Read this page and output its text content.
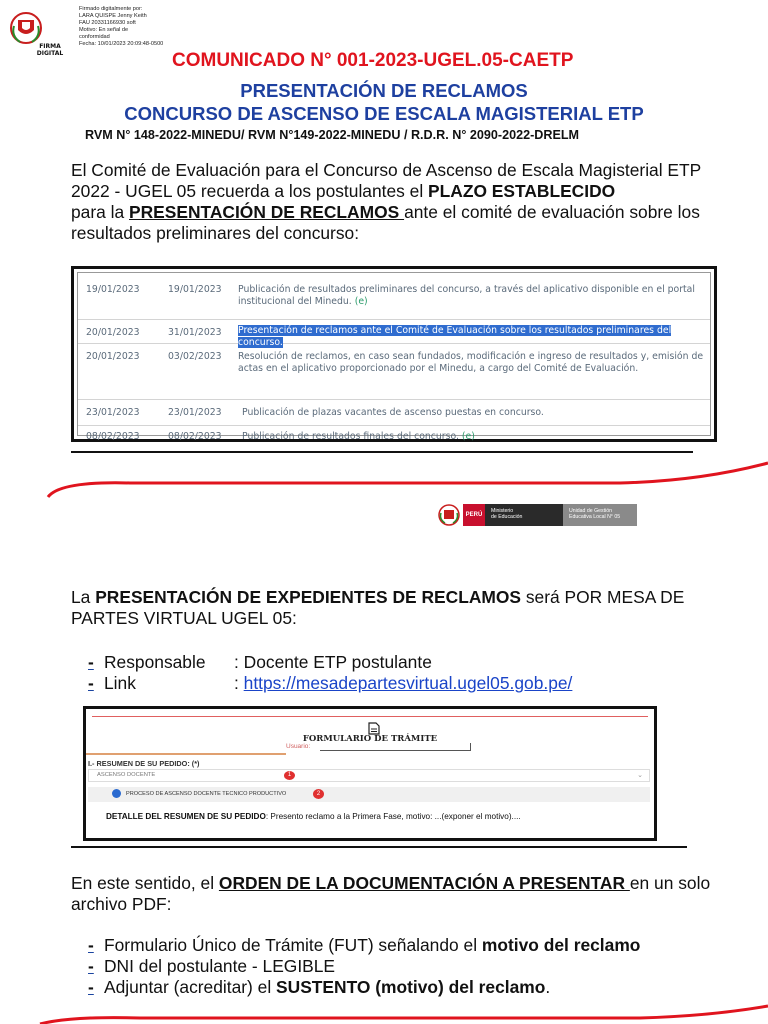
FIRMA
DIGITAL
Firmado digitalmente por:
LARA QUISPE Jenny Keith
FAU 20331166930 soft
Motivo: En señal de
conformidad
Fecha: 10/01/2023 20:09:48-0500
COMUNICADO N° 001-2023-UGEL.05-CAETP
PRESENTACIÓN DE RECLAMOS
CONCURSO DE ASCENSO DE ESCALA MAGISTERIAL ETP
RVM N° 148-2022-MINEDU/ RVM N°149-2022-MINEDU / R.D.R. N° 2090-2022-DRELM
El Comité de Evaluación para el Concurso de Ascenso de Escala Magisterial ETP 2022 - UGEL 05 recuerda a los postulantes el PLAZO ESTABLECIDO
para la PRESENTACIÓN DE RECLAMOS ante el comité de evaluación sobre los resultados preliminares del concurso:
19/01/2023	19/01/2023 Publicación de resultados preliminares del concurso, a través del aplicativo disponible en el portal institucional del Minedu. (e)
20/01/2023	31/01/2023 Presentación de reclamos ante el Comité de Evaluación sobre los resultados preliminares del concurso.
20/01/2023	03/02/2023 Resolución de reclamos, en caso sean fundados, modificación e ingreso de resultados y, emisión de actas en el aplicativo proporcionado por el Minedu, a cargo del Comité de Evaluación.
23/01/2023	23/01/2023 Publicación de plazas vacantes de ascenso puestas en concurso.
08/02/2023	08/02/2023 Publicación de resultados finales del concurso. (e)
PERÚ
Ministerio
de Educación
Unidad de Gestión
Educativa Local N° 05
La PRESENTACIÓN DE EXPEDIENTES DE RECLAMOS será POR MESA DE PARTES VIRTUAL UGEL 05:
- Responsable : Docente ETP postulante
- Link	: https://mesadepartesvirtual.ugel05.gob.pe/
FORMULARIO DE TRÁMITE
Usuario:
I.- RESUMEN DE SU PEDIDO: (*)
ASCENSO DOCENTE	⌄
1
PROCESO DE ASCENSO DOCENTE TECNICO PRODUCTIVO	2
DETALLE DEL RESUMEN DE SU PEDIDO: Presento reclamo a la Primera Fase, motivo: ...(exponer el motivo)....
En este sentido, el ORDEN DE LA DOCUMENTACIÓN A PRESENTAR en un solo archivo PDF:
- Formulario Único de Trámite (FUT) señalando el motivo del reclamo
- DNI del postulante - LEGIBLE
- Adjuntar (acreditar) el SUSTENTO (motivo) del reclamo.
